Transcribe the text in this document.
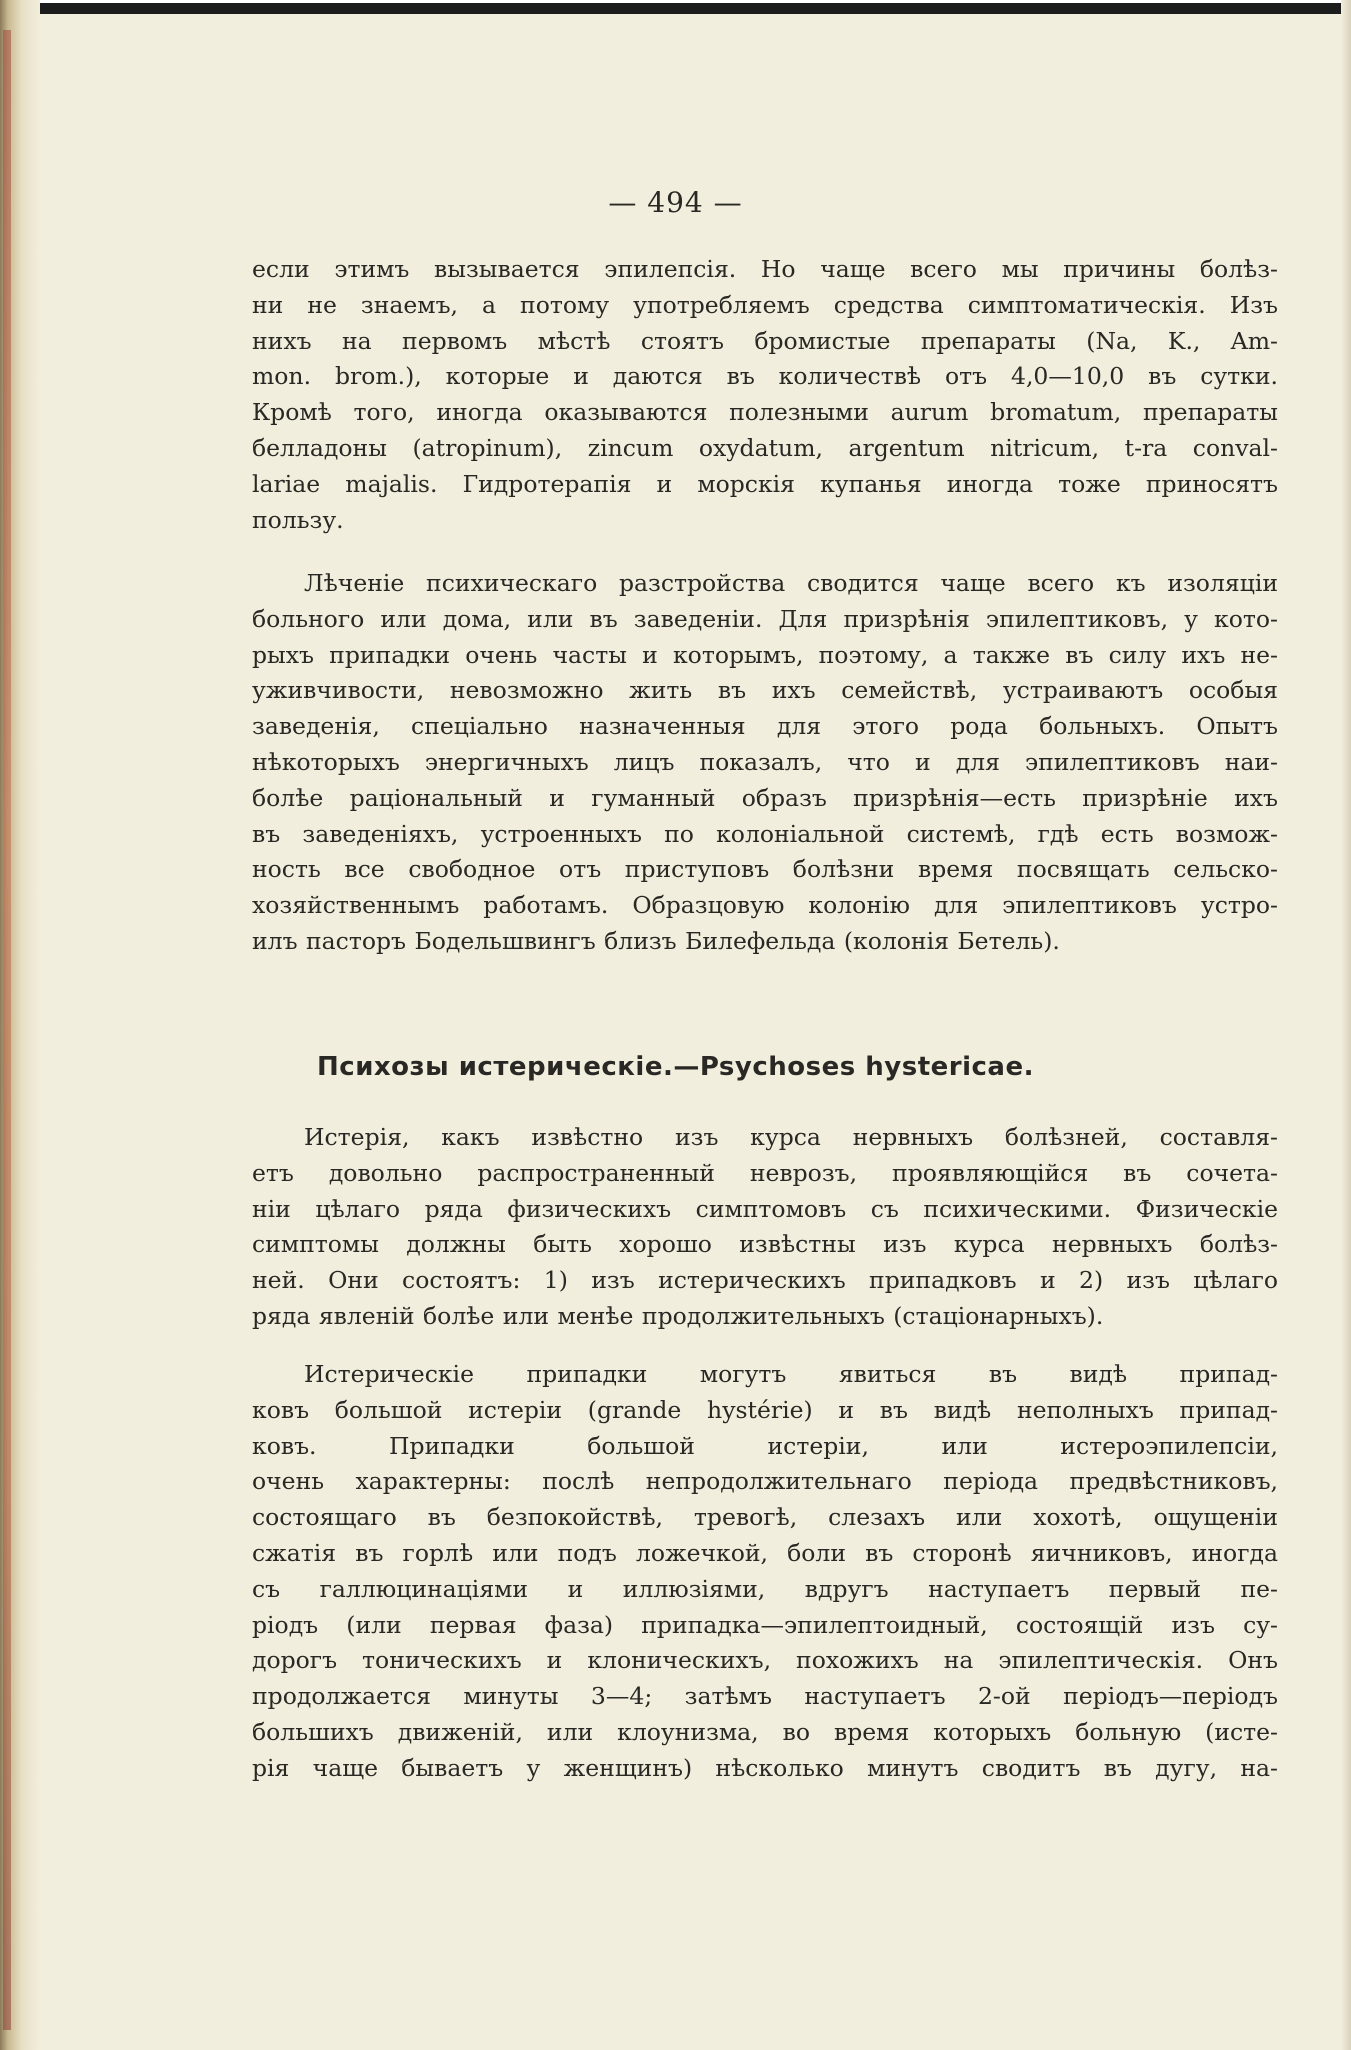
— 494 —
если этимъ вызывается эпилепсія. Но чаще всего мы причины болѣз-
ни не знаемъ, а потому употребляемъ средства симптоматическія. Изъ
нихъ на первомъ мѣстѣ стоятъ бромистые препараты (Na, K., Am-
mon. brom.), которые и даются въ количествѣ отъ 4,0—10,0 въ сутки.
Кромѣ того, иногда оказываются полезными aurum bromatum, препараты
белладоны (atropinum), zincum oxydatum, argentum nitricum, t-ra conval-
lariae majalis. Гидротерапія и морскія купанья иногда тоже приносятъ
пользу.
Лѣченіе психическаго разстройства сводится чаще всего къ изоляціи
больного или дома, или въ заведеніи. Для призрѣнія эпилептиковъ, у кото-
рыхъ припадки очень часты и которымъ, поэтому, а также въ силу ихъ не-
уживчивости, невозможно жить въ ихъ семействѣ, устраиваютъ особыя
заведенія, спеціально назначенныя для этого рода больныхъ. Опытъ
нѣкоторыхъ энергичныхъ лицъ показалъ, что и для эпилептиковъ наи-
болѣе раціональный и гуманный образъ призрѣнія—есть призрѣніе ихъ
въ заведеніяхъ, устроенныхъ по колоніальной системѣ, гдѣ есть возмож-
ность все свободное отъ приступовъ болѣзни время посвящать сельско-
хозяйственнымъ работамъ. Образцовую колонію для эпилептиковъ устро-
илъ пасторъ Бодельшвингъ близъ Билефельда (колонія Бетель).
Психозы истерическіе.—Psychoses hystericae.
Истерія, какъ извѣстно изъ курса нервныхъ болѣзней, составля-
етъ довольно распространенный неврозъ, проявляющійся въ сочета-
ніи цѣлаго ряда физическихъ симптомовъ съ психическими. Физическіе
симптомы должны быть хорошо извѣстны изъ курса нервныхъ болѣз-
ней. Они состоятъ: 1) изъ истерическихъ припадковъ и 2) изъ цѣлаго
ряда явленій болѣе или менѣе продолжительныхъ (стаціонарныхъ).
Истерическіе припадки могутъ явиться въ видѣ припад-
ковъ большой истеріи (grande hystérie) и въ видѣ неполныхъ припад-
ковъ. Припадки большой истеріи, или истероэпилепсіи,
очень характерны: послѣ непродолжительнаго періода предвѣстниковъ,
состоящаго въ безпокойствѣ, тревогѣ, слезахъ или хохотѣ, ощущеніи
сжатія въ горлѣ или подъ ложечкой, боли въ сторонѣ яичниковъ, иногда
съ галлюцинаціями и иллюзіями, вдругъ наступаетъ первый пе-
ріодъ (или первая фаза) припадка—эпилептоидный, состоящій изъ су-
дорогъ тоническихъ и клоническихъ, похожихъ на эпилептическія. Онъ
продолжается минуты 3—4; затѣмъ наступаетъ 2-ой періодъ—періодъ
большихъ движеній, или клоунизма, во время которыхъ больную (исте-
рія чаще бываетъ у женщинъ) нѣсколько минутъ сводитъ въ дугу, на-
